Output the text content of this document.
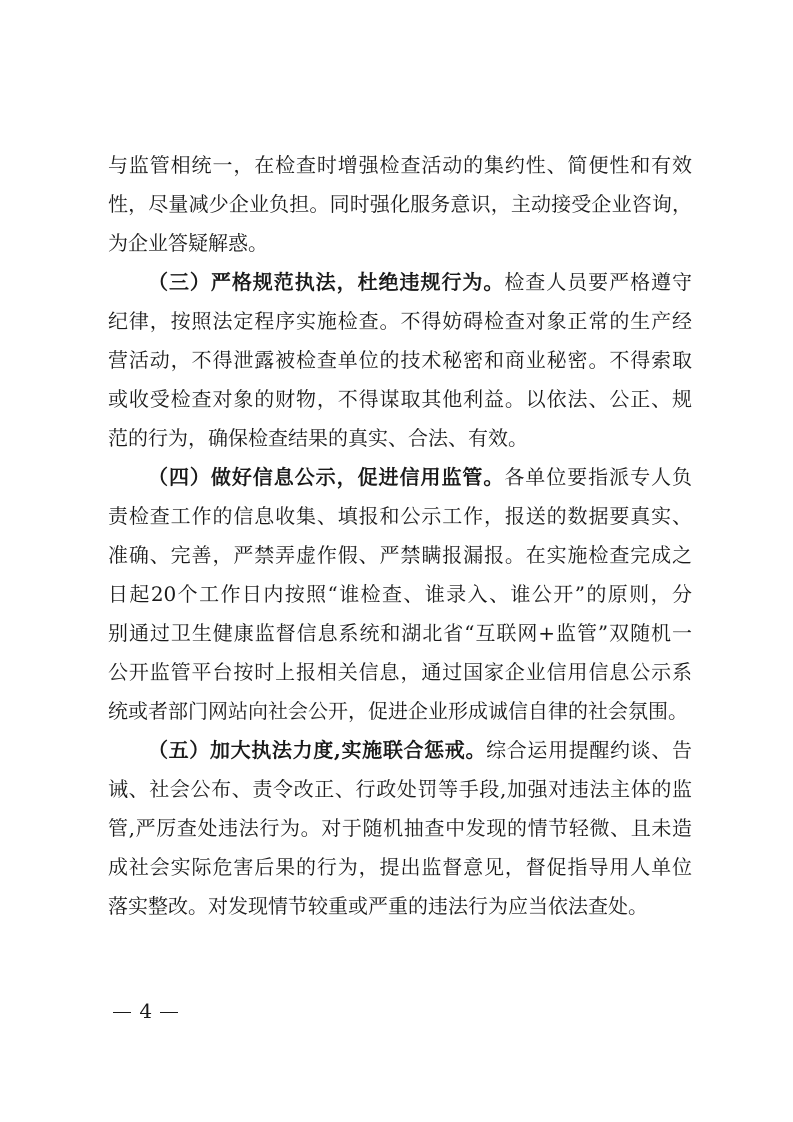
与监管相统一，在检查时增强检查活动的集约性、简便性和有效
性，尽量减少企业负担。同时强化服务意识，主动接受企业咨询，
为企业答疑解惑。
（三）严格规范执法，杜绝违规行为。检查人员要严格遵守
纪律，按照法定程序实施检查。不得妨碍检查对象正常的生产经
营活动，不得泄露被检查单位的技术秘密和商业秘密。不得索取
或收受检查对象的财物，不得谋取其他利益。以依法、公正、规
范的行为，确保检查结果的真实、合法、有效。
（四）做好信息公示，促进信用监管。各单位要指派专人负
责检查工作的信息收集、填报和公示工作，报送的数据要真实、
准确、完善，严禁弄虚作假、严禁瞒报漏报。在实施检查完成之
日起20个工作日内按照“谁检查、谁录入、谁公开”的原则，分
别通过卫生健康监督信息系统和湖北省“互联网+监管”双随机一
公开监管平台按时上报相关信息，通过国家企业信用信息公示系
统或者部门网站向社会公开，促进企业形成诚信自律的社会氛围。
（五）加大执法力度,实施联合惩戒。综合运用提醒约谈、告
诫、社会公布、责令改正、行政处罚等手段,加强对违法主体的监
管,严厉查处违法行为。对于随机抽查中发现的情节轻微、且未造
成社会实际危害后果的行为，提出监督意见，督促指导用人单位
落实整改。对发现情节较重或严重的违法行为应当依法查处。
4
